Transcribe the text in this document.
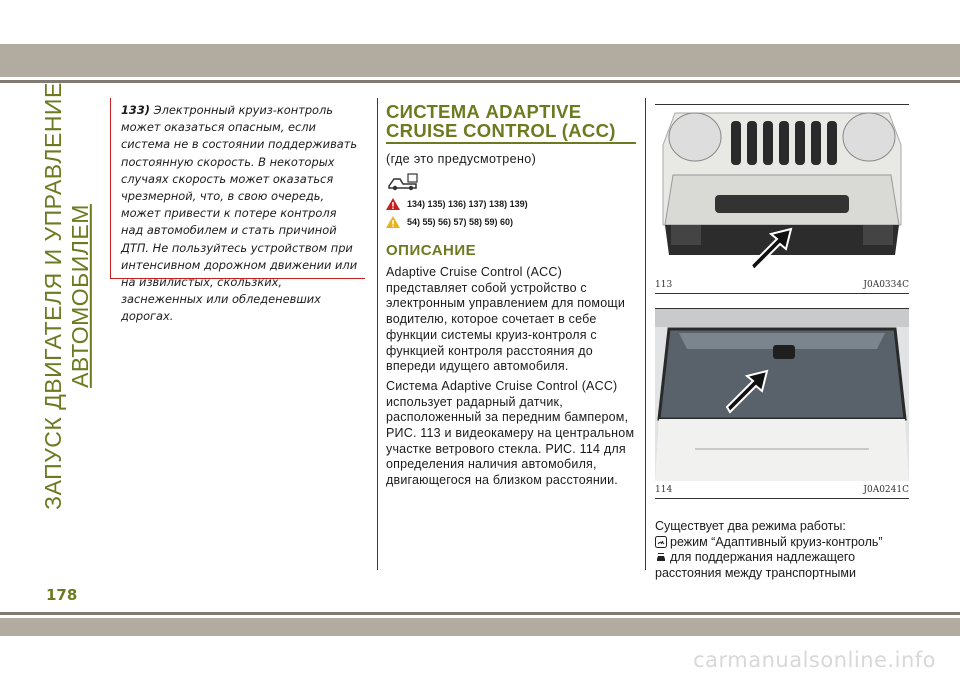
ЗАПУСК ДВИГАТЕЛЯ И УПРАВЛЕНИЕ АВТОМОБИЛЕМ
178

133) Электронный круиз-контроль может оказаться опасным, если система не в состоянии поддерживать постоянную скорость. В некоторых случаях скорость может оказаться чрезмерной, что, в свою очередь, может привести к потере контроля над автомобилем и стать причиной ДТП. Не пользуйтесь устройством при интенсивном дорожном движении или на извилистых, скользких, заснеженных или обледеневших дорогах.

СИСТЕМА ADAPTIVE
CRUISE CONTROL (ACC)
(где это предусмотрено)
134) 135) 136) 137) 138) 139)
54) 55) 56) 57) 58) 59) 60)
ОПИСАНИЕ

Adaptive Cruise Control (ACC) представляет собой устройство с электронным управлением для помощи водителю, которое сочетает в себе функции системы круиз-контроля с функцией контроля расстояния до впереди идущего автомобиля.

Система Adaptive Cruise Control (ACC) использует радарный датчик, расположенный за передним бампером, РИС. 113 и видеокамеру на центральном участке ветрового стекла. РИС. 114 для определения наличия автомобиля, двигающегося на близком расстоянии.

113	J0A0334C
114	J0A0241C
Существует два режима работы:
режим “Адаптивный круиз-контроль”
для поддержания надлежащего
расстояния между транспортными
carmanualsonline.info
